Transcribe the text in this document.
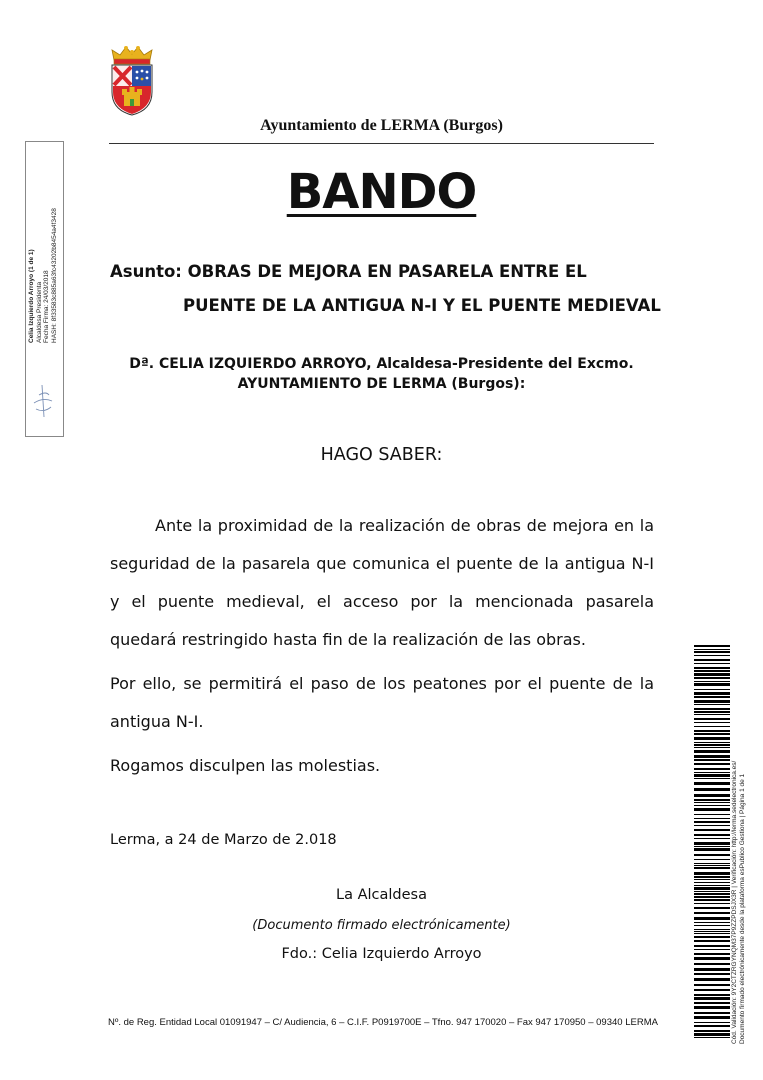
Ayuntamiento de LERMA (Burgos)
BANDO
Asunto: OBRAS DE MEJORA EN PASARELA ENTRE EL
PUENTE DE LA ANTIGUA N-I Y EL PUENTE MEDIEVAL
Dª. CELIA IZQUIERDO ARROYO, Alcaldesa-Presidente del Excmo.
AYUNTAMIENTO DE LERMA (Burgos):
HAGO SABER:

Ante la proximidad de la realización de obras de mejora en la seguridad de la pasarela que comunica el puente de la antigua N-I y el puente medieval, el acceso por la mencionada pasarela quedará restringido hasta fin de la realización de las obras.

Por ello, se permitirá el paso de los peatones por el puente de la antigua N-I.

Rogamos disculpen las molestias.

Lerma, a 24 de Marzo de 2.018
La Alcaldesa
(Documento firmado electrónicamente)
Fdo.: Celia Izquierdo Arroyo
Nº. de Reg. Entidad Local 01091947 – C/ Audiencia, 6 – C.I.F. P0919700E – Tfno. 947 170020 – Fax 947 170950 – 09340 LERMA
Celia Izquierdo Arroyo (1 de 1) Alcaldesa Presidenta Fecha Firma: 24/03/2018 HASH: 8f33583c885a63fc43202b8454a4f3428
Cód. Validación: 9Y2CTZRGYNQM37P9ZZPDSJX3R | Verificación: http://lerma.sedelectronica.es/ Documento firmado electrónicamente desde la plataforma esPublico Gestiona | Página 1 de 1
